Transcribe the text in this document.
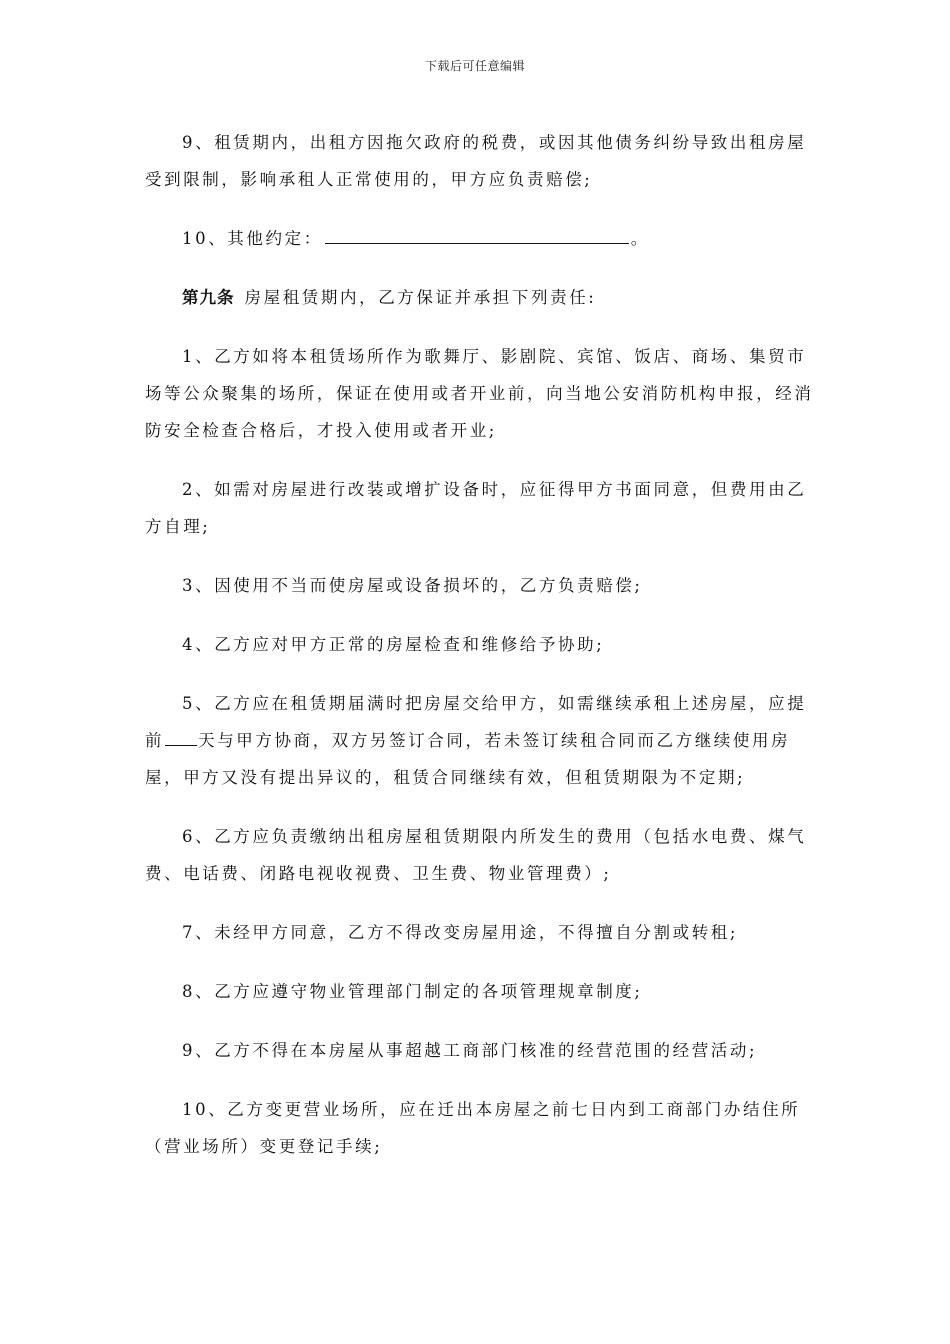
下载后可任意编辑

9、租赁期内，出租方因拖欠政府的税费，或因其他债务纠纷导致出租房屋受到限制，影响承租人正常使用的，甲方应负责赔偿;

10、其他约定：	。

第九条 房屋租赁期内，乙方保证并承担下列责任:

1、乙方如将本租赁场所作为歌舞厅、影剧院、宾馆、饭店、商场、集贸市场等公众聚集的场所，保证在使用或者开业前，向当地公安消防机构申报，经消防安全检查合格后，才投入使用或者开业;

2、如需对房屋进行改装或增扩设备时，应征得甲方书面同意，但费用由乙方自理;

3、因使用不当而使房屋或设备损坏的，乙方负责赔偿;

4、乙方应对甲方正常的房屋检查和维修给予协助;

5、乙方应在租赁期届满时把房屋交给甲方，如需继续承租上述房屋，应提前 天与甲方协商，双方另签订合同，若未签订续租合同而乙方继续使用房屋，甲方又没有提出异议的，租赁合同继续有效，但租赁期限为不定期;

6、乙方应负责缴纳出租房屋租赁期限内所发生的费用（包括水电费、煤气费、电话费、闭路电视收视费、卫生费、物业管理费）;

7、未经甲方同意，乙方不得改变房屋用途，不得擅自分割或转租;

8、乙方应遵守物业管理部门制定的各项管理规章制度;

9、乙方不得在本房屋从事超越工商部门核准的经营范围的经营活动;

10、乙方变更营业场所，应在迁出本房屋之前七日内到工商部门办结住所（营业场所）变更登记手续;
